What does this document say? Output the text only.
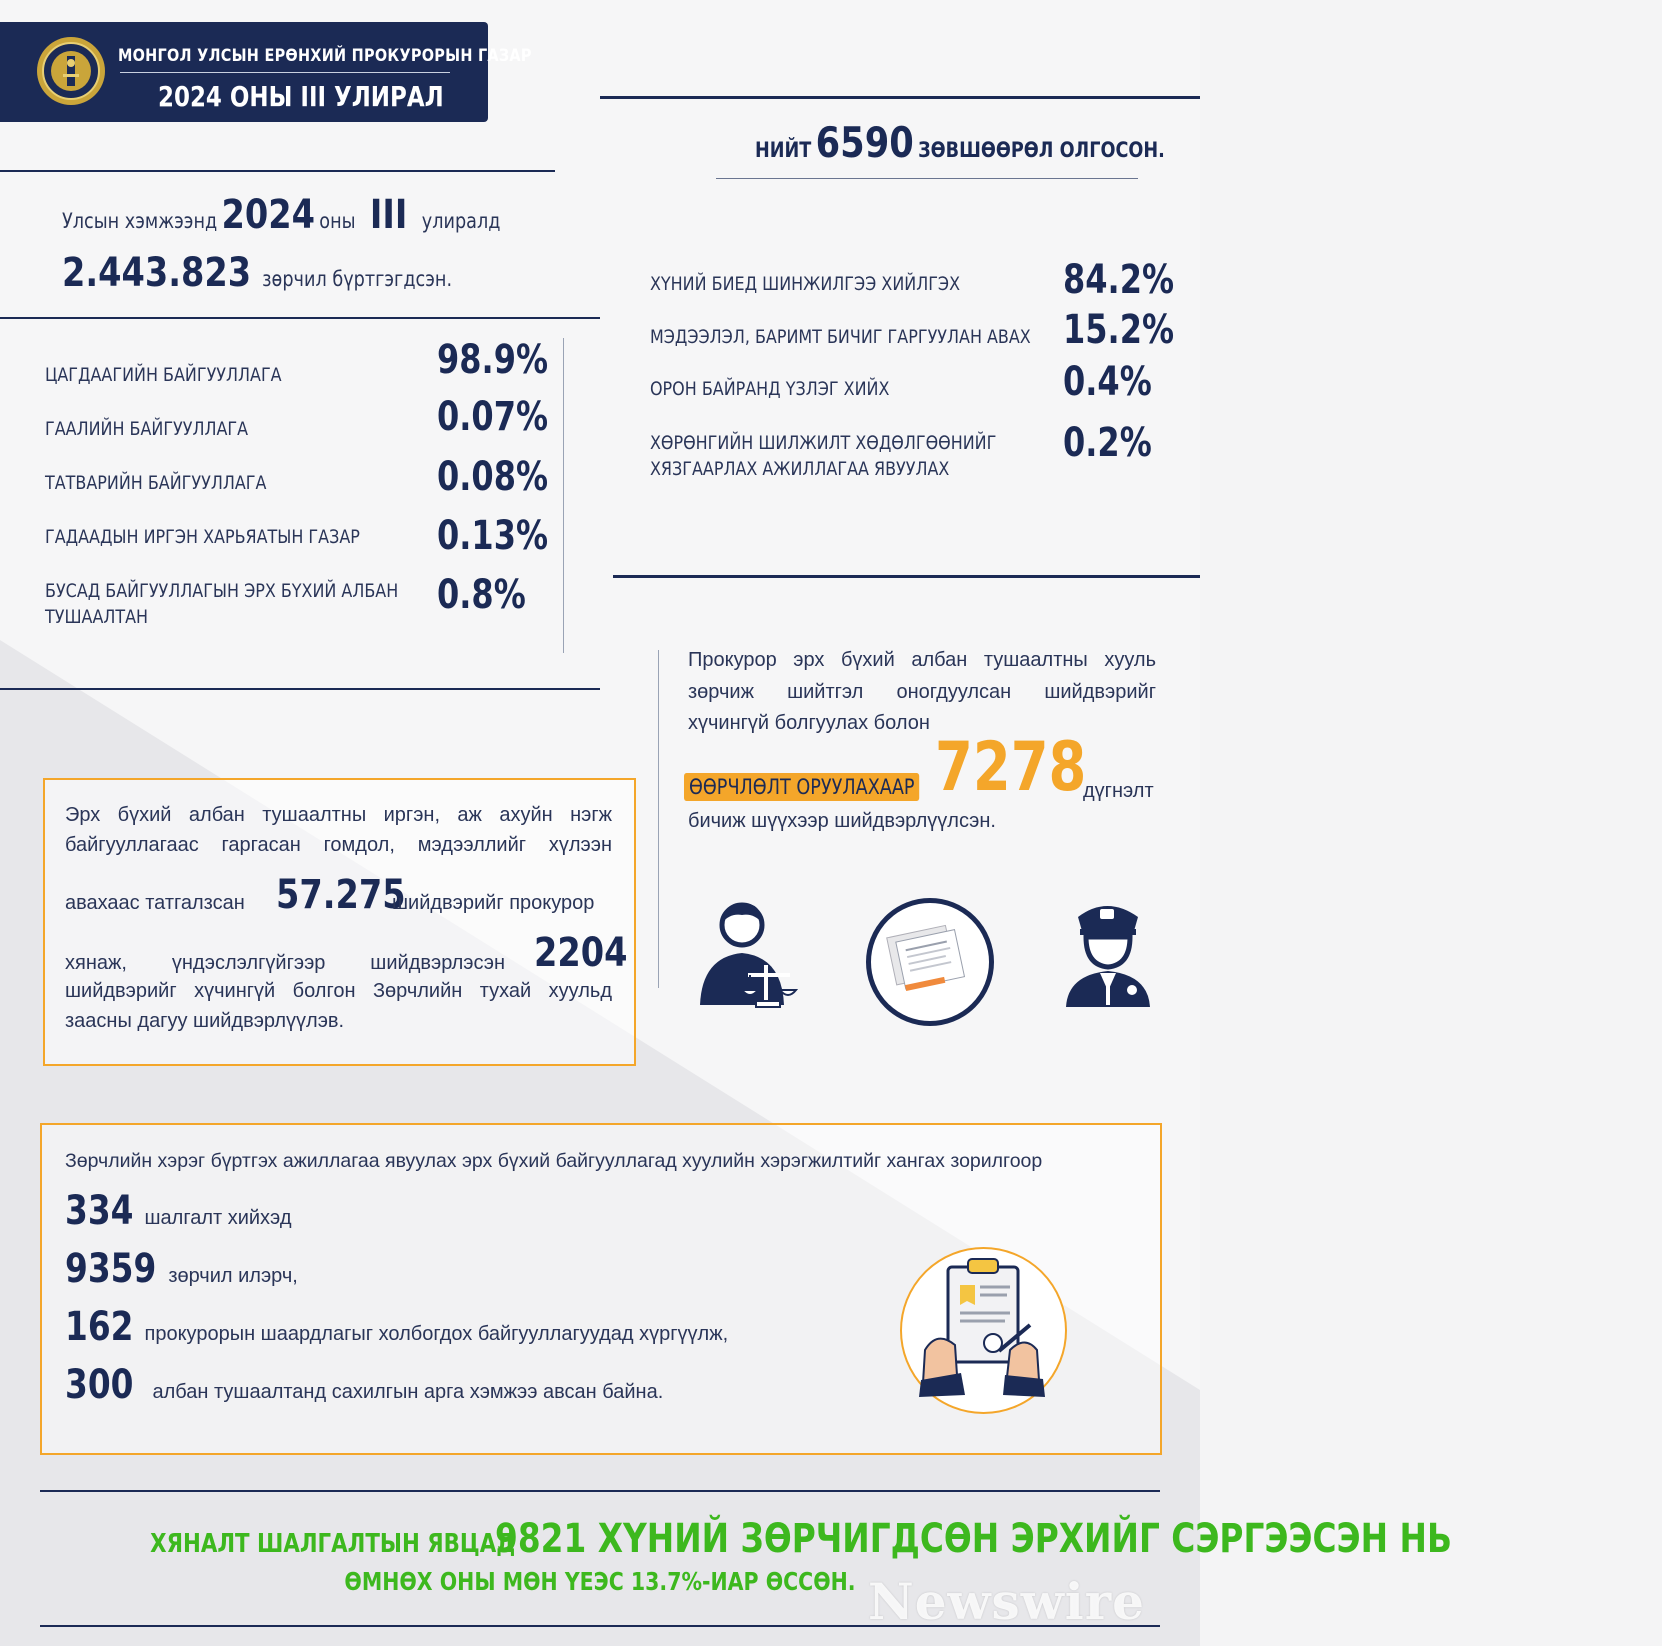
МОНГОЛ УЛСЫН ЕРӨНХИЙ ПРОКУРОРЫН ГАЗАР
2024 ОНЫ III УЛИРАЛ
НИЙТ 6590 ЗӨВШӨӨРӨЛ ОЛГОСОН.
Улсын хэмжээнд 2024 оны III улиралд
2.443.823 зөрчил бүртгэгдсэн.
ЦАГДААГИЙН БАЙГУУЛЛАГА	98.9%
ГААЛИЙН БАЙГУУЛЛАГА	0.07%
ТАТВАРИЙН БАЙГУУЛЛАГА	0.08%
ГАДААДЫН ИРГЭН ХАРЬЯАТЫН ГАЗАР 0.13%
БУСАД БАЙГУУЛЛАГЫН ЭРХ БҮХИЙ АЛБАН
ТУШААЛТАН	0.8%
ХҮНИЙ БИЕД ШИНЖИЛГЭЭ ХИЙЛГЭХ	84.2%
МЭДЭЭЛЭЛ, БАРИМТ БИЧИГ ГАРГУУЛАН АВАХ 15.2%
ОРОН БАЙРАНД ҮЗЛЭГ ХИЙХ	0.4%
ХӨРӨНГИЙН ШИЛЖИЛТ ХӨДӨЛГӨӨНИЙГ
ХЯЗГААРЛАХ АЖИЛЛАГАА ЯВУУЛАХ
0.2%
Прокурор эрх бүхий албан тушаалтны хууль
зөрчиж шийтгэл оногдуулсан шийдвэрийг
хүчингүй болгуулах болон
ӨӨРЧЛӨЛТ ОРУУЛАХААР 7278
дүгнэлт
бичиж шүүхээр шийдвэрлүүлсэн.
Эрх бүхий албан тушаалтны иргэн, аж ахуйн нэгж
байгууллагаас гаргасан гомдол, мэдээллийг хүлээн
авахаас татгалзсан 57.275
шийдвэрийг прокурор
хянаж, үндэслэлгүйгээр шийдвэрлэсэн 2204
шийдвэрийг хүчингүй болгон Зөрчлийн тухай хуульд
заасны дагуу шийдвэрлүүлэв.
Зөрчлийн хэрэг бүртгэх ажиллагаа явуулах эрх бүхий байгууллагад хуулийн хэрэгжилтийг хангах зорилгоор
334 шалгалт хийхэд
9359 зөрчил илэрч,
162 прокурорын шаардлагыг холбогдох байгууллагуудад хүргүүлж,
300 албан тушаалтанд сахилгын арга хэмжээ авсан байна.
ХЯНАЛТ ШАЛГАЛТЫН ЯВЦАД9821 ХҮНИЙ ЗӨРЧИГДСӨН ЭРХИЙГ СЭРГЭЭСЭН НЬ
ӨМНӨХ ОНЫ МӨН ҮЕЭС 13.7%-ИАР ӨССӨН. Newswire
